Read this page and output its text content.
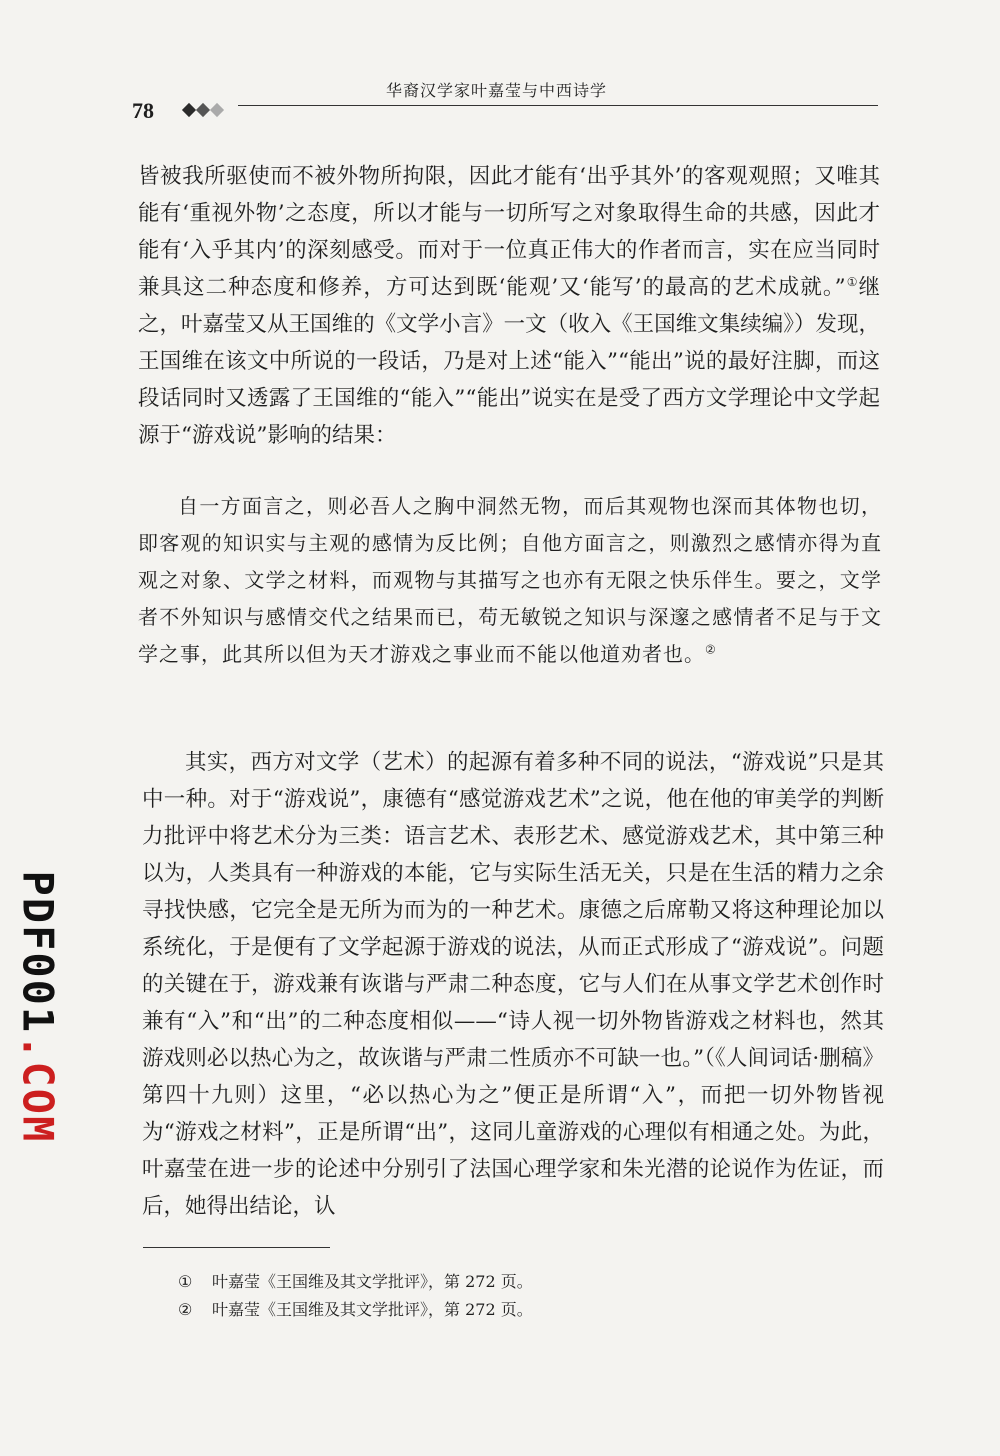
78
华裔汉学家叶嘉莹与中西诗学

皆被我所驱使而不被外物所拘限，因此才能有‘出乎其外’的客观观照；又唯其能有‘重视外物’之态度，所以才能与一切所写之对象取得生命的共感，因此才能有‘入乎其内’的深刻感受。而对于一位真正伟大的作者而言，实在应当同时兼具这二种态度和修养，方可达到既‘能观’又‘能写’的最高的艺术成就。”①继之，叶嘉莹又从王国维的《文学小言》一文（收入《王国维文集续编》）发现，王国维在该文中所说的一段话，乃是对上述“能入”“能出”说的最好注脚，而这段话同时又透露了王国维的“能入”“能出”说实在是受了西方文学理论中文学起源于“游戏说”影响的结果：

自一方面言之，则必吾人之胸中洞然无物，而后其观物也深而其体物也切，即客观的知识实与主观的感情为反比例；自他方面言之，则激烈之感情亦得为直观之对象、文学之材料，而观物与其描写之也亦有无限之快乐伴生。要之，文学者不外知识与感情交代之结果而已，苟无敏锐之知识与深邃之感情者不足与于文学之事，此其所以但为天才游戏之事业而不能以他道劝者也。②

其实，西方对文学（艺术）的起源有着多种不同的说法，“游戏说”只是其中一种。对于“游戏说”，康德有“感觉游戏艺术”之说，他在他的审美学的判断力批评中将艺术分为三类：语言艺术、表形艺术、感觉游戏艺术，其中第三种以为，人类具有一种游戏的本能，它与实际生活无关，只是在生活的精力之余寻找快感，它完全是无所为而为的一种艺术。康德之后席勒又将这种理论加以系统化，于是便有了文学起源于游戏的说法，从而正式形成了“游戏说”。问题的关键在于，游戏兼有诙谐与严肃二种态度，它与人们在从事文学艺术创作时兼有“入”和“出”的二种态度相似——“诗人视一切外物皆游戏之材料也，然其游戏则必以热心为之，故诙谐与严肃二性质亦不可缺一也。”（《人间词话·删稿》第四十九则）这里，“必以热心为之”便正是所谓“入”，而把一切外物皆视为“游戏之材料”，正是所谓“出”，这同儿童游戏的心理似有相通之处。为此，叶嘉莹在进一步的论述中分别引了法国心理学家和朱光潜的论说作为佐证，而后，她得出结论，认

① 叶嘉莹《王国维及其文学批评》，第 272 页。
② 叶嘉莹《王国维及其文学批评》，第 272 页。
PDF001.COM
